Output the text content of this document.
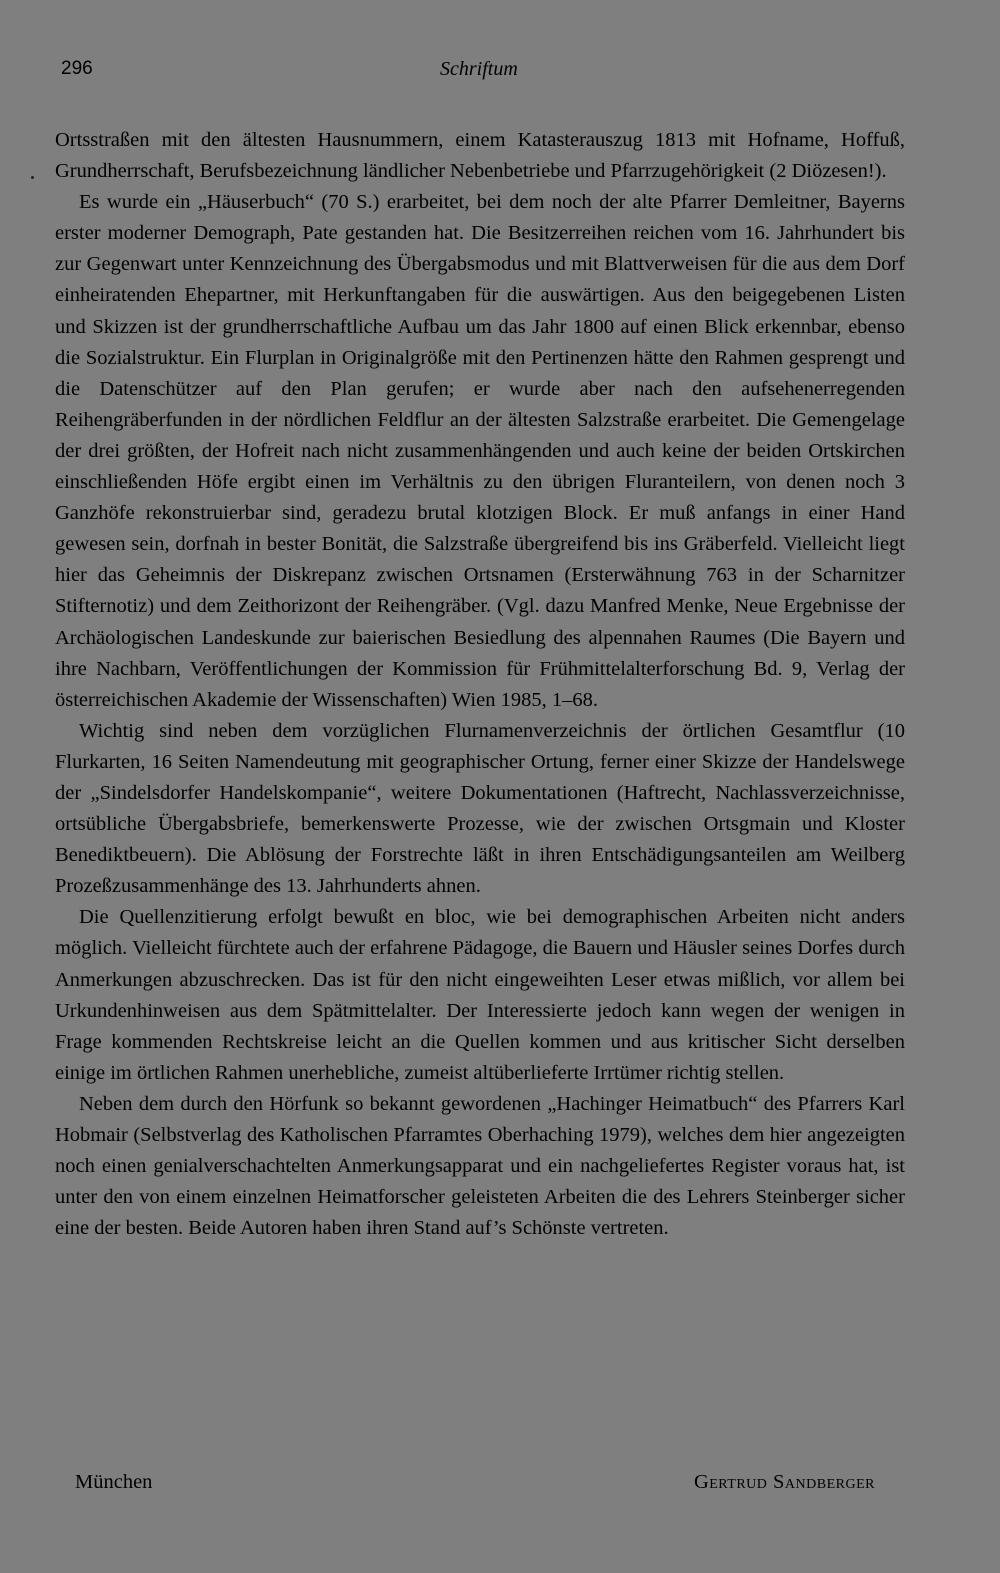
296	Schriftum

Ortsstraßen mit den ältesten Hausnummern, einem Katasterauszug 1813 mit Hofname, Hoffuß, Grundherrschaft, Berufsbezeichnung ländlicher Nebenbetriebe und Pfarrzugehörigkeit (2 Diözesen!).

Es wurde ein „Häuserbuch“ (70 S.) erarbeitet, bei dem noch der alte Pfarrer Demleitner, Bayerns erster moderner Demograph, Pate gestanden hat. Die Besitzerreihen reichen vom 16. Jahrhundert bis zur Gegenwart unter Kennzeichnung des Übergabsmodus und mit Blattverweisen für die aus dem Dorf einheiratenden Ehepartner, mit Herkunftangaben für die auswärtigen. Aus den beigegebenen Listen und Skizzen ist der grundherrschaftliche Aufbau um das Jahr 1800 auf einen Blick erkennbar, ebenso die Sozialstruktur. Ein Flurplan in Originalgröße mit den Pertinenzen hätte den Rahmen gesprengt und die Datenschützer auf den Plan gerufen; er wurde aber nach den aufsehenerregenden Reihengräberfunden in der nördlichen Feldflur an der ältesten Salzstraße erarbeitet. Die Gemengelage der drei größten, der Hofreit nach nicht zusammenhängenden und auch keine der beiden Ortskirchen einschließenden Höfe ergibt einen im Verhältnis zu den übrigen Fluranteilern, von denen noch 3 Ganzhöfe rekonstruierbar sind, geradezu brutal klotzigen Block. Er muß anfangs in einer Hand gewesen sein, dorfnah in bester Bonität, die Salzstraße übergreifend bis ins Gräberfeld. Vielleicht liegt hier das Geheimnis der Diskrepanz zwischen Ortsnamen (Ersterwähnung 763 in der Scharnitzer Stifternotiz) und dem Zeithorizont der Reihengräber. (Vgl. dazu Manfred Menke, Neue Ergebnisse der Archäologischen Landeskunde zur baierischen Besiedlung des alpennahen Raumes (Die Bayern und ihre Nachbarn, Veröffentlichungen der Kommission für Frühmittelalterforschung Bd. 9, Verlag der österreichischen Akademie der Wissenschaften) Wien 1985, 1–68.

Wichtig sind neben dem vorzüglichen Flurnamenverzeichnis der örtlichen Gesamtflur (10 Flurkarten, 16 Seiten Namendeutung mit geographischer Ortung, ferner einer Skizze der Handelswege der „Sindelsdorfer Handelskompanie“, weitere Dokumentationen (Haftrecht, Nachlassverzeichnisse, ortsübliche Übergabsbriefe, bemerkenswerte Prozesse, wie der zwischen Ortsgmain und Kloster Benediktbeuern). Die Ablösung der Forstrechte läßt in ihren Entschädigungsanteilen am Weilberg Prozeßzusammenhänge des 13. Jahrhunderts ahnen.

Die Quellenzitierung erfolgt bewußt en bloc, wie bei demographischen Arbeiten nicht anders möglich. Vielleicht fürchtete auch der erfahrene Pädagoge, die Bauern und Häusler seines Dorfes durch Anmerkungen abzuschrecken. Das ist für den nicht eingeweihten Leser etwas mißlich, vor allem bei Urkundenhinweisen aus dem Spätmittelalter. Der Interessierte jedoch kann wegen der wenigen in Frage kommenden Rechtskreise leicht an die Quellen kommen und aus kritischer Sicht derselben einige im örtlichen Rahmen unerhebliche, zumeist altüberlieferte Irrtümer richtig stellen.

Neben dem durch den Hörfunk so bekannt gewordenen „Hachinger Heimatbuch“ des Pfarrers Karl Hobmair (Selbstverlag des Katholischen Pfarramtes Oberhaching 1979), welches dem hier angezeigten noch einen genialverschachtelten Anmerkungsapparat und ein nachgeliefertes Register voraus hat, ist unter den von einem einzelnen Heimatforscher geleisteten Arbeiten die des Lehrers Steinberger sicher eine der besten. Beide Autoren haben ihren Stand auf’s Schönste vertreten.

München	Gertrud Sandberger
